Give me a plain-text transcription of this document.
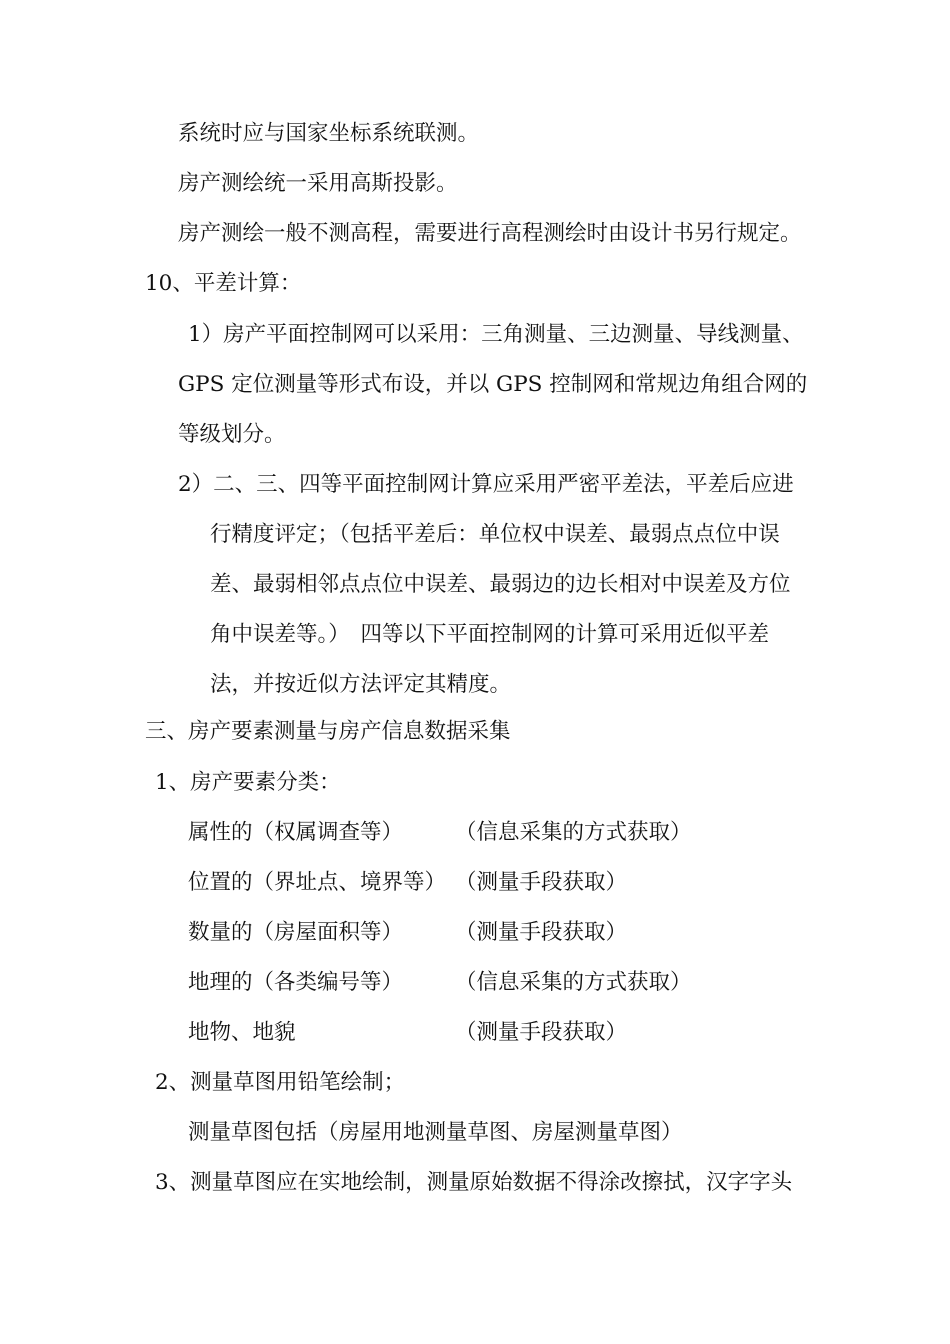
系统时应与国家坐标系统联测。
房产测绘统一采用高斯投影。
房产测绘一般不测高程，需要进行高程测绘时由设计书另行规定。
10、平差计算：
1）房产平面控制网可以采用：三角测量、三边测量、导线测量、
GPS 定位测量等形式布设，并以 GPS 控制网和常规边角组合网的
等级划分。
2）二、三、四等平面控制网计算应采用严密平差法，平差后应进
行精度评定；（包括平差后：单位权中误差、最弱点点位中误
差、最弱相邻点点位中误差、最弱边的边长相对中误差及方位
角中误差等。）　四等以下平面控制网的计算可采用近似平差
法，并按近似方法评定其精度。
三、房产要素测量与房产信息数据采集
1、房产要素分类：
属性的（权属调查等） （信息采集的方式获取）
位置的（界址点、境界等） （测量手段获取）
数量的（房屋面积等） （测量手段获取）
地理的（各类编号等） （信息采集的方式获取）
地物、地貌	（测量手段获取）
2、测量草图用铅笔绘制；
测量草图包括（房屋用地测量草图、房屋测量草图）
3、测量草图应在实地绘制，测量原始数据不得涂改擦拭，汉字字头
